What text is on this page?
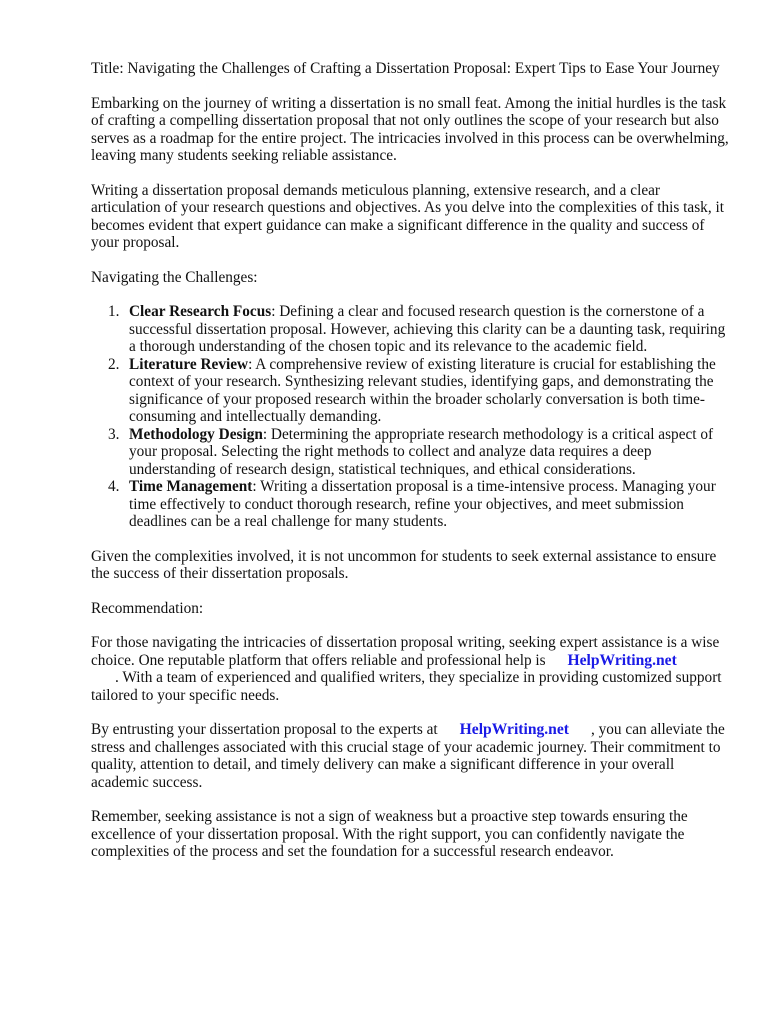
Title: Navigating the Challenges of Crafting a Dissertation Proposal: Expert Tips to Ease Your Journey

Embarking on the journey of writing a dissertation is no small feat. Among the initial hurdles is the task of crafting a compelling dissertation proposal that not only outlines the scope of your research but also serves as a roadmap for the entire project. The intricacies involved in this process can be overwhelming, leaving many students seeking reliable assistance.

Writing a dissertation proposal demands meticulous planning, extensive research, and a clear articulation of your research questions and objectives. As you delve into the complexities of this task, it becomes evident that expert guidance can make a significant difference in the quality and success of your proposal.

Navigating the Challenges:

1. Clear Research Focus: Defining a clear and focused research question is the cornerstone of a successful dissertation proposal. However, achieving this clarity can be a daunting task, requiring a thorough understanding of the chosen topic and its relevance to the academic field.
2. Literature Review: A comprehensive review of existing literature is crucial for establishing the context of your research. Synthesizing relevant studies, identifying gaps, and demonstrating the significance of your proposed research within the broader scholarly conversation is both time-consuming and intellectually demanding.
3. Methodology Design: Determining the appropriate research methodology is a critical aspect of your proposal. Selecting the right methods to collect and analyze data requires a deep understanding of research design, statistical techniques, and ethical considerations.
4. Time Management: Writing a dissertation proposal is a time-intensive process. Managing your time effectively to conduct thorough research, refine your objectives, and meet submission deadlines can be a real challenge for many students.

Given the complexities involved, it is not uncommon for students to seek external assistance to ensure the success of their dissertation proposals.

Recommendation:

For those navigating the intricacies of dissertation proposal writing, seeking expert assistance is a wise choice. One reputable platform that offers reliable and professional help is HelpWriting.net
. With a team of experienced and qualified writers, they specialize in providing customized support tailored to your specific needs.

By entrusting your dissertation proposal to the experts at HelpWriting.net , you can alleviate the stress and challenges associated with this crucial stage of your academic journey. Their commitment to quality, attention to detail, and timely delivery can make a significant difference in your overall academic success.

Remember, seeking assistance is not a sign of weakness but a proactive step towards ensuring the excellence of your dissertation proposal. With the right support, you can confidently navigate the complexities of the process and set the foundation for a successful research endeavor.
